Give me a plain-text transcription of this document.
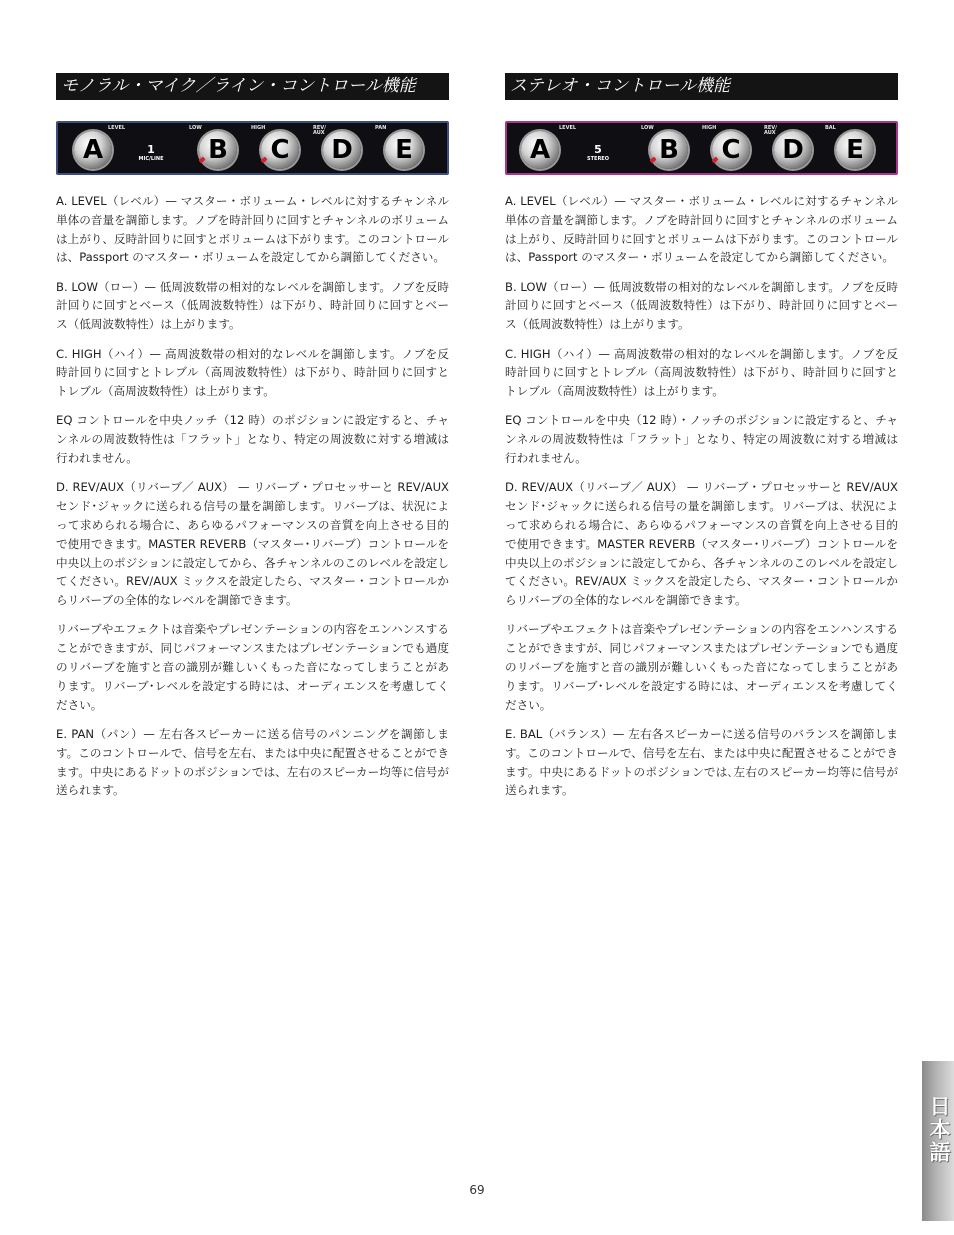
モノラル・マイク／ライン・コントロール機能
LEVEL	LOW	HIGH	REV/
AUX
PAN
A	1
MIC/LINE	B	C	D	E

A. LEVEL（レベル）— マスター・ボリューム・レベルに対するチャンネル単体の音量を調節します。ノブを時計回りに回すとチャンネルのボリュームは上がり、反時計回りに回すとボリュームは下がります。このコントロールは、Passport のマスター・ボリュームを設定してから調節してください。

B. LOW（ロー）— 低周波数帯の相対的なレベルを調節します。ノブを反時計回りに回すとベース（低周波数特性）は下がり、時計回りに回すとベース（低周波数特性）は上がります。

C. HIGH（ハイ）— 高周波数帯の相対的なレベルを調節します。ノブを反時計回りに回すとトレブル（高周波数特性）は下がり、時計回りに回すとトレブル（高周波数特性）は上がります。

EQ コントロールを中央ノッチ（12 時）のポジションに設定すると、チャンネルの周波数特性は「フラット」となり、特定の周波数に対する増減は行われません。

D. REV/AUX（リバーブ／ AUX） — リバーブ・プロセッサーと REV/AUX センド･ジャックに送られる信号の量を調節します。リバーブは、状況によって求められる場合に、あらゆるパフォーマンスの音質を向上させる目的で使用できます。MASTER REVERB（マスター･リバーブ）コントロールを中央以上のポジションに設定してから、各チャンネルのこのレベルを設定してください。REV/AUX ミックスを設定したら、マスター・コントロールからリバーブの全体的なレベルを調節できます。

リバーブやエフェクトは音楽やプレゼンテーションの内容をエンハンスすることができますが、同じパフォーマンスまたはプレゼンテーションでも過度のリバーブを施すと音の識別が難しいくもった音になってしまうことがあります。リバーブ･レベルを設定する時には、オーディエンスを考慮してください。

E. PAN（パン）— 左右各スピーカーに送る信号のパンニングを調節します。このコントロールで、信号を左右、または中央に配置させることができます。中央にあるドットのポジションでは、左右のスピーカー均等に信号が送られます。

ステレオ・コントロール機能
LEVEL	LOW	HIGH	REV/
AUX
BAL
A	5
STEREO	B	C	D	E

A. LEVEL（レベル）— マスター・ボリューム・レベルに対するチャンネル単体の音量を調節します。ノブを時計回りに回すとチャンネルのボリュームは上がり、反時計回りに回すとボリュームは下がります。このコントロールは、Passport のマスター・ボリュームを設定してから調節してください。

B. LOW（ロー）— 低周波数帯の相対的なレベルを調節します。ノブを反時計回りに回すとベース（低周波数特性）は下がり、時計回りに回すとベース（低周波数特性）は上がります。

C. HIGH（ハイ）— 高周波数帯の相対的なレベルを調節します。ノブを反時計回りに回すとトレブル（高周波数特性）は下がり、時計回りに回すとトレブル（高周波数特性）は上がります。

EQ コントロールを中央（12 時）・ノッチのポジションに設定すると、チャンネルの周波数特性は「フラット」となり、特定の周波数に対する増減は行われません。

D. REV/AUX（リバーブ／ AUX） — リバーブ・プロセッサーと REV/AUX センド･ジャックに送られる信号の量を調節します。リバーブは、状況によって求められる場合に、あらゆるパフォーマンスの音質を向上させる目的で使用できます。MASTER REVERB（マスター･リバーブ）コントロールを中央以上のポジションに設定してから、各チャンネルのこのレベルを設定してください。REV/AUX ミックスを設定したら、マスター・コントロールからリバーブの全体的なレベルを調節できます。

リバーブやエフェクトは音楽やプレゼンテーションの内容をエンハンスすることができますが、同じパフォーマンスまたはプレゼンテーションでも過度のリバーブを施すと音の識別が難しいくもった音になってしまうことがあります。リバーブ･レベルを設定する時には、オーディエンスを考慮してください。

E. BAL（バランス）— 左右各スピーカーに送る信号のバランスを調節します。このコントロールで、信号を左右、または中央に配置させることができます。中央にあるドットのポジションでは､左右のスピーカー均等に信号が送られます。

日本語
69
